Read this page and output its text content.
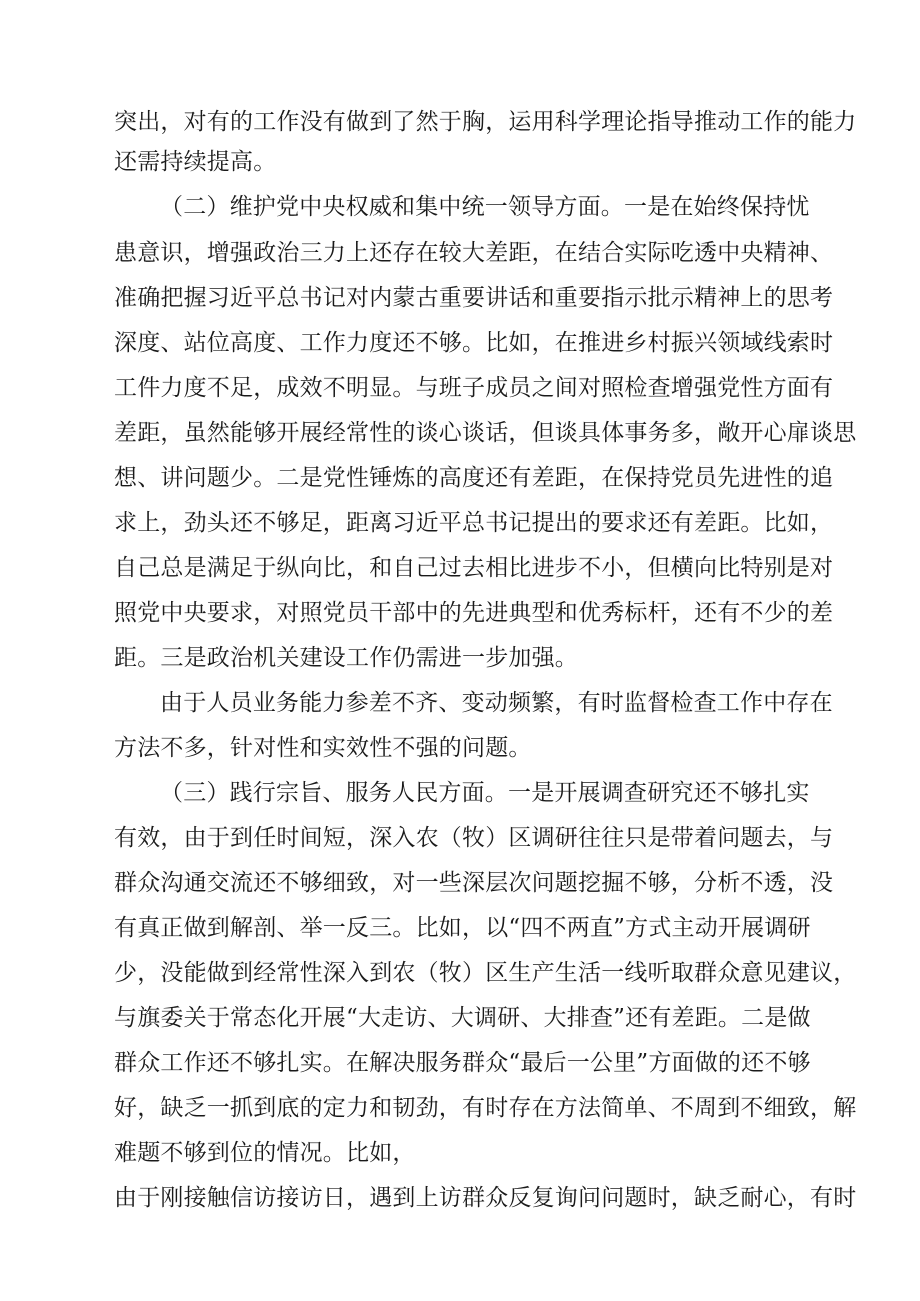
突出，对有的工作没有做到了然于胸，运用科学理论指导推动工作的能力
还需持续提高。
（二）维护党中央权威和集中统一领导方面。一是在始终保持忧
患意识，增强政治三力上还存在较大差距，在结合实际吃透中央精神、
准确把握习近平总书记对内蒙古重要讲话和重要指示批示精神上的思考
深度、站位高度、工作力度还不够。比如，在推进乡村振兴领域线索时
工件力度不足，成效不明显。与班子成员之间对照检查增强党性方面有
差距，虽然能够开展经常性的谈心谈话，但谈具体事务多，敞开心扉谈思
想、讲问题少。二是党性锤炼的高度还有差距，在保持党员先进性的追
求上，劲头还不够足，距离习近平总书记提出的要求还有差距。比如，
自己总是满足于纵向比，和自己过去相比进步不小，但横向比特别是对
照党中央要求，对照党员干部中的先进典型和优秀标杆，还有不少的差
距。三是政治机关建设工作仍需进一步加强。
由于人员业务能力参差不齐、变动频繁，有时监督检查工作中存在
方法不多，针对性和实效性不强的问题。
（三）践行宗旨、服务人民方面。一是开展调查研究还不够扎实
有效，由于到任时间短，深入农（牧）区调研往往只是带着问题去，与
群众沟通交流还不够细致，对一些深层次问题挖掘不够，分析不透，没
有真正做到解剖、举一反三。比如，以“四不两直”方式主动开展调研
少，没能做到经常性深入到农（牧）区生产生活一线听取群众意见建议，
与旗委关于常态化开展“大走访、大调研、大排查”还有差距。二是做
群众工作还不够扎实。在解决服务群众“最后一公里”方面做的还不够
好，缺乏一抓到底的定力和韧劲，有时存在方法简单、不周到不细致，解
难题不够到位的情况。比如，
由于刚接触信访接访日，遇到上访群众反复询问问题时，缺乏耐心，有时
